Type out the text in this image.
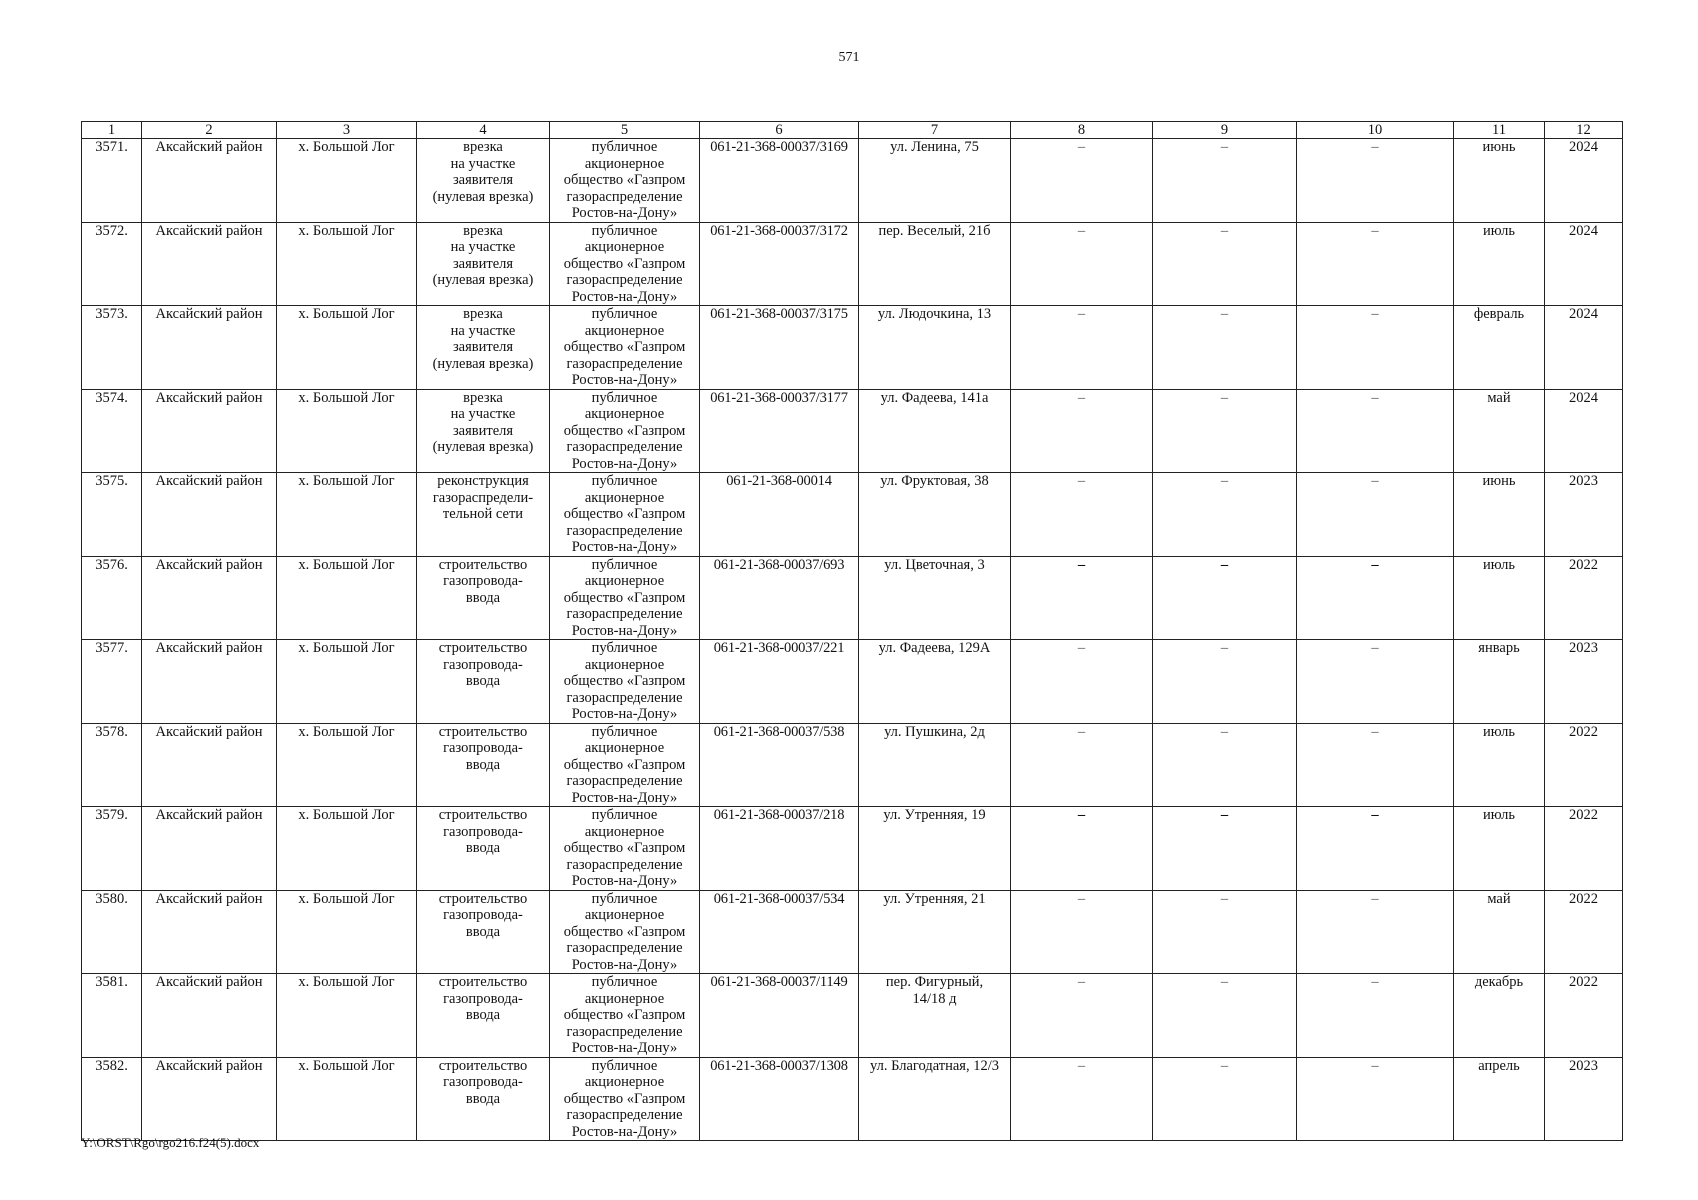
571
1	2	3	4	5	6	7	8	9	10	11	12
3571.	Аксайский район	х. Большой Лог	врезка
на участке
заявителя
(нулевая врезка)	публичное
акционерное
общество «Газпром
газораспределение
Ростов-на-Дону»	061-21-368-00037/3169	ул. Ленина, 75	–	–	–	июнь	2024
3572.	Аксайский район	х. Большой Лог	врезка
на участке
заявителя
(нулевая врезка)	публичное
акционерное
общество «Газпром
газораспределение
Ростов-на-Дону»	061-21-368-00037/3172	пер. Веселый, 21б	–	–	–	июль	2024
3573.	Аксайский район	х. Большой Лог	врезка
на участке
заявителя
(нулевая врезка)	публичное
акционерное
общество «Газпром
газораспределение
Ростов-на-Дону»	061-21-368-00037/3175	ул. Людочкина, 13	–	–	–	февраль	2024
3574.	Аксайский район	х. Большой Лог	врезка
на участке
заявителя
(нулевая врезка)	публичное
акционерное
общество «Газпром
газораспределение
Ростов-на-Дону»	061-21-368-00037/3177	ул. Фадеева, 141а	–	–	–	май	2024
3575.	Аксайский район	х. Большой Лог	реконструкция
газораспредели-
тельной сети	публичное
акционерное
общество «Газпром
газораспределение
Ростов-на-Дону»	061-21-368-00014	ул. Фруктовая, 38	–	–	–	июнь	2023
3576.	Аксайский район	х. Большой Лог	строительство
газопровода-
ввода	публичное
акционерное
общество «Газпром
газораспределение
Ростов-на-Дону»	061-21-368-00037/693	ул. Цветочная, 3	–	–	–	июль	2022
3577.	Аксайский район	х. Большой Лог	строительство
газопровода-
ввода	публичное
акционерное
общество «Газпром
газораспределение
Ростов-на-Дону»	061-21-368-00037/221	ул. Фадеева, 129А	–	–	–	январь	2023
3578.	Аксайский район	х. Большой Лог	строительство
газопровода-
ввода	публичное
акционерное
общество «Газпром
газораспределение
Ростов-на-Дону»	061-21-368-00037/538	ул. Пушкина, 2д	–	–	–	июль	2022
3579.	Аксайский район	х. Большой Лог	строительство
газопровода-
ввода	публичное
акционерное
общество «Газпром
газораспределение
Ростов-на-Дону»	061-21-368-00037/218	ул. Утренняя, 19	–	–	–	июль	2022
3580.	Аксайский район	х. Большой Лог	строительство
газопровода-
ввода	публичное
акционерное
общество «Газпром
газораспределение
Ростов-на-Дону»	061-21-368-00037/534	ул. Утренняя, 21	–	–	–	май	2022
3581.	Аксайский район	х. Большой Лог	строительство
газопровода-
ввода	публичное
акционерное
общество «Газпром
газораспределение
Ростов-на-Дону»	061-21-368-00037/1149	пер. Фигурный,
14/18 д	–	–	–	декабрь	2022
3582.	Аксайский район	х. Большой Лог	строительство
газопровода-
ввода	публичное
акционерное
общество «Газпром
газораспределение
Ростов-на-Дону»	061-21-368-00037/1308	ул. Благодатная, 12/3	–	–	–	апрель	2023
Y:\ORST\Rgo\rgo216.f24(5).docx
